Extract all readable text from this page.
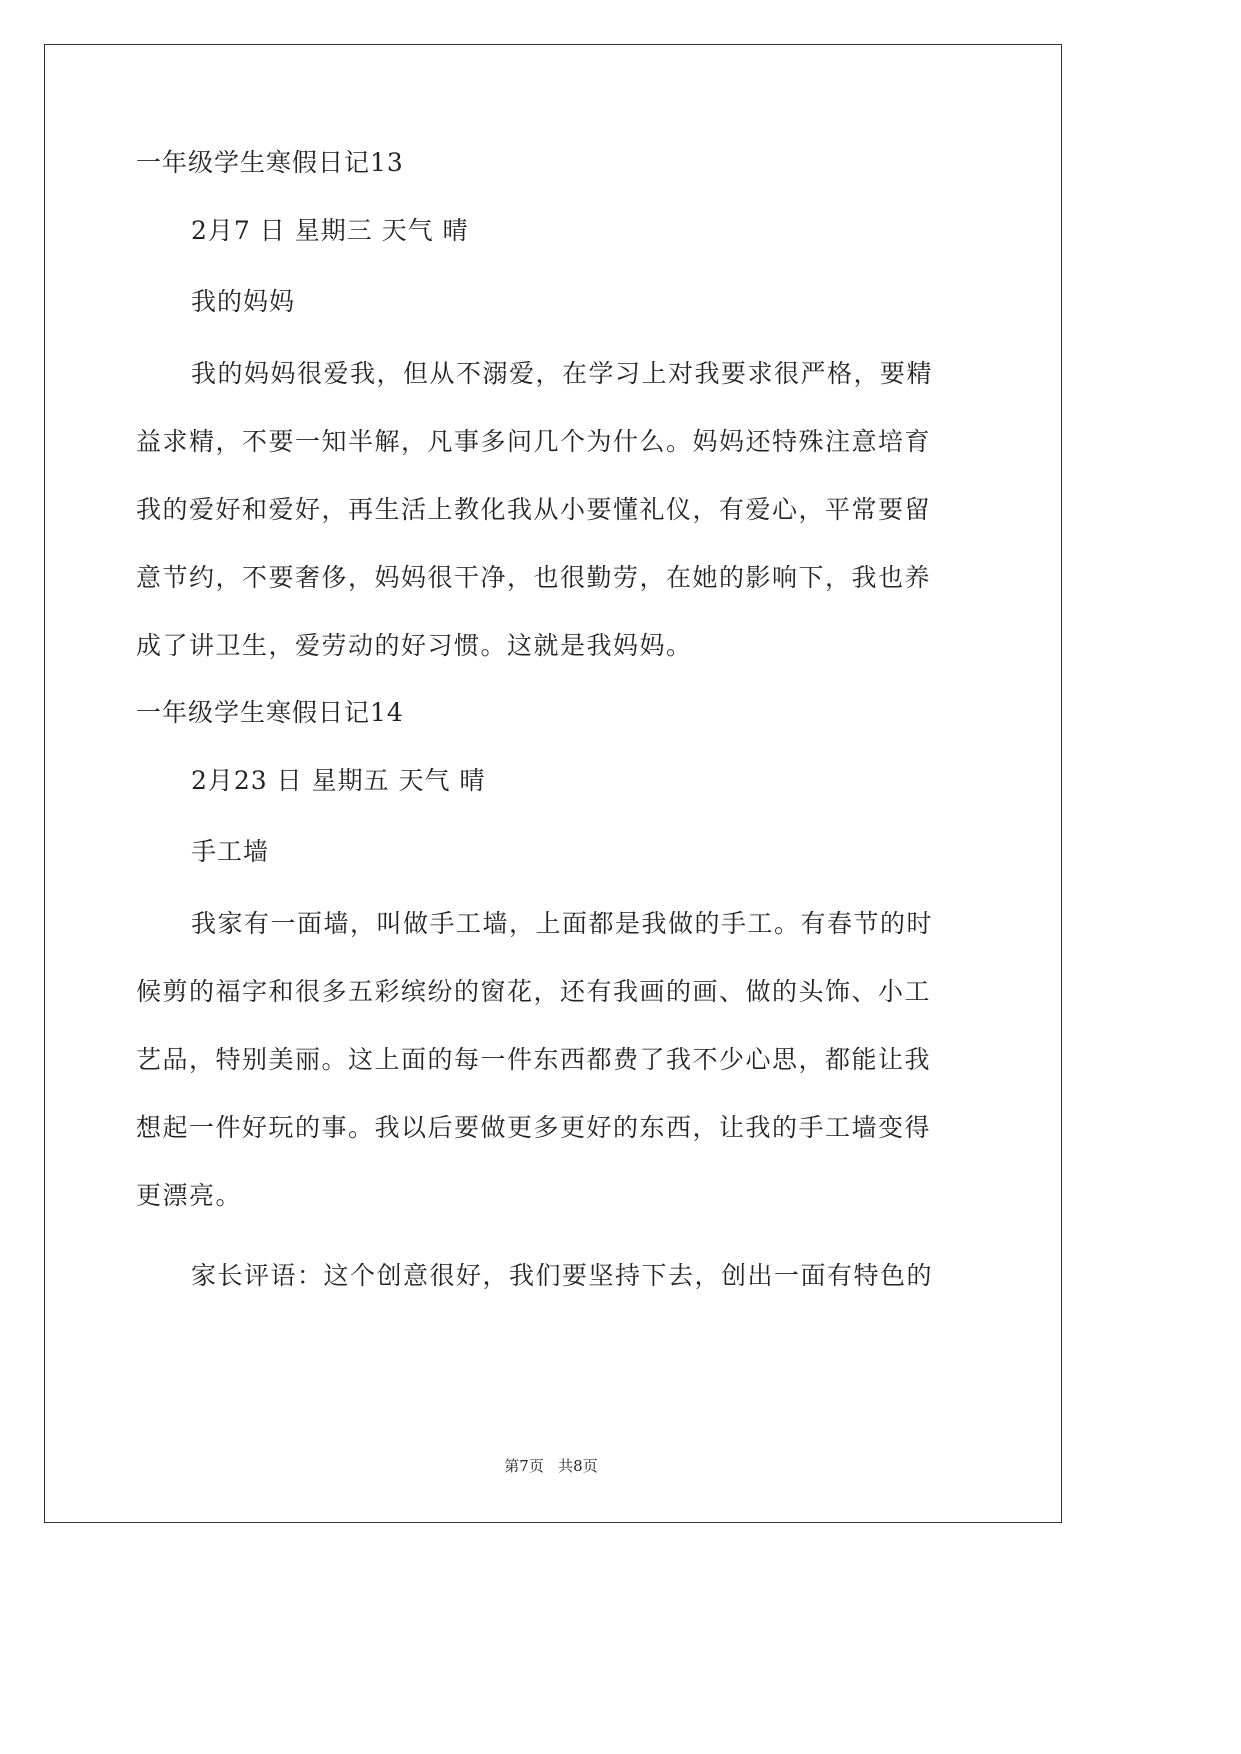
一年级学生寒假日记13
2月7 日 星期三 天气 晴
我的妈妈
我的妈妈很爱我，但从不溺爱，在学习上对我要求很严格，要精
益求精，不要一知半解，凡事多问几个为什么。妈妈还特殊注意培育
我的爱好和爱好，再生活上教化我从小要懂礼仪，有爱心，平常要留
意节约，不要奢侈，妈妈很干净，也很勤劳，在她的影响下，我也养
成了讲卫生，爱劳动的好习惯。这就是我妈妈。
一年级学生寒假日记14
2月23 日 星期五 天气 晴
手工墙
我家有一面墙，叫做手工墙，上面都是我做的手工。有春节的时
候剪的福字和很多五彩缤纷的窗花，还有我画的画、做的头饰、小工
艺品，特别美丽。这上面的每一件东西都费了我不少心思，都能让我
想起一件好玩的事。我以后要做更多更好的东西，让我的手工墙变得
更漂亮。
家长评语：这个创意很好，我们要坚持下去，创出一面有特色的
第7页   共8页
